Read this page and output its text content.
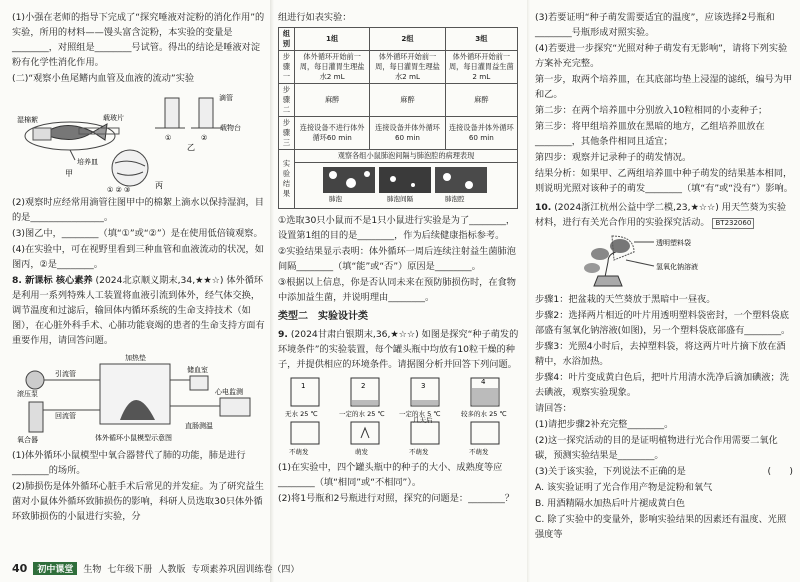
(1)小强在老师的指导下完成了“探究唾液对淀粉的消化作用”的实验，所用的材料——馒头富含淀粉，本实验的变量是________，对照组是________号试管。得出的结论是唾液对淀粉有化学性消化作用。

(二)“观察小鱼尾鳍内血管及血液的流动”实验

湿棉絮	载玻片
培养皿
甲
①	②
滴管
载物台
乙
① ② ③	丙

(2)观察时应经常用滴管往图甲中的棉絮上滴水以保持湿润，目的是________________。

(3)图乙中，________（填“①”或“②”）是在使用低倍镜观察。

(4)在实验中，可在视野里看到三种血管和血液流动的状况，如图丙，②是________。

8. 新课标 核心素养 (2024北京顺义期末,34,★★☆) 体外循环是利用一系列特殊人工装置将血液引流到体外，经气体交换，调节温度和过滤后，输回体内循环系统的生命支持技术（如图），在心脏外科手术、心肺功能衰竭的患者的生命支持方面有重要作用，请回答问题。

加热垫
引流管
滚压泵
氧合器
储血室
心电监测
直肠测温
回流管
体外循环小鼠模型示意图

(1)体外循环小鼠模型中氧合器替代了肺的功能，肺是进行________的场所。

(2)肺损伤是体外循环心脏手术后常见的并发症。为了研究益生菌对小鼠体外循环致肺损伤的影响，科研人员选取30只体外循环致肺损伤的小鼠进行实验，分

组进行如表实验：

组别	1组	2组	3组
步骤一	体外循环开始前一周，每日灌胃生理盐水2 mL	体外循环开始前一周，每日灌胃生理盐水2 mL	体外循环开始前一周，每日灌胃益生菌2 mL
步骤二	麻醉	麻醉	麻醉
步骤三	连接设备不进行体外循环60 min	连接设备并体外循环60 min	连接设备并体外循环60 min
实验结果	观察各组小鼠肺泡间隔与肺泡腔的病理表现		

肺泡 肺泡间隔 肺泡腔		

①选取30只小鼠而不是1只小鼠进行实验是为了________，设置第1组的目的是________，作为后续健康指标参考。

②实验结果显示表明：体外循环一周后连续注射益生菌肺泡间隔________（填“能”或“否”）原因是________。

③根据以上信息，你是否认同未来在预防肺损伤时，在食物中添加益生菌，并说明理由________。

类型二　实验设计类

9. (2024甘肃白银期末,36,★☆☆) 如图是探究“种子萌发的环境条件”的实验装置，每个罐头瓶中均放有10粒干燥的种子，并提供相应的环境条件。请据图分析并回答下列问题。

1	2	3	4
无水 25 ℃	一定的水 25 ℃ 一定的水 5 ℃	较多的水 25 ℃
几天后
不萌发	萌发	不萌发	不萌发

(1)在实验中，四个罐头瓶中的种子的大小、成熟度等应________（填“相同”或“不相同”）。

(2)将1号瓶和2号瓶进行对照，探究的问题是：________？

(3)若要证明“种子萌发需要适宜的温度”，应该选择2号瓶和________号瓶形成对照实验。

(4)若要进一步探究“光照对种子萌发有无影响”，请将下列实验方案补充完整。

第一步，取两个培养皿，在其底部均垫上浸湿的滤纸，编号为甲和乙。

第二步：在两个培养皿中分别放入10粒相同的小麦种子；

第三步：将甲组培养皿放在黑暗的地方，乙组培养皿放在________，其他条件相同且适宜；

第四步：观察并记录种子的萌发情况。

结果分析：如果甲、乙两组培养皿中种子萌发的结果基本相同，则说明光照对该种子的萌发________（填“有”或“没有”）影响。

10. (2024浙江杭州公益中学二模,23,★☆☆) 用天竺葵为实验材料，进行有关光合作用的实验探究活动。 BT232060

透明塑料袋
氢氧化钠溶液

步骤1：把盆栽的天竺葵放于黑暗中一昼夜。

步骤2：选择两片相近的叶片用透明塑料袋密封，一个塑料袋底部盛有氢氧化钠溶液(如图)，另一个塑料袋底部盛有________。

步骤3：光照4小时后，去掉塑料袋，将这两片叶片摘下放在酒精中，水浴加热。

步骤4：叶片变成黄白色后，把叶片用清水洗净后滴加碘液；洗去碘液，观察实验现象。

请回答：

(1)请把步骤2补充完整________。

(2)这一探究活动的目的是证明植物进行光合作用需要二氧化碳，预测实验结果是________。

(3)关于该实验，下列说法不正确的是	(　　)

A. 该实验证明了光合作用产物是淀粉和氧气

B. 用酒精隔水加热后叶片褪成黄白色

C. 除了实验中的变量外，影响实验结果的因素还有温度、光照强度等

40	初中课堂	生物 七年级下册 人教版 专项素养巩固训练卷（四）
